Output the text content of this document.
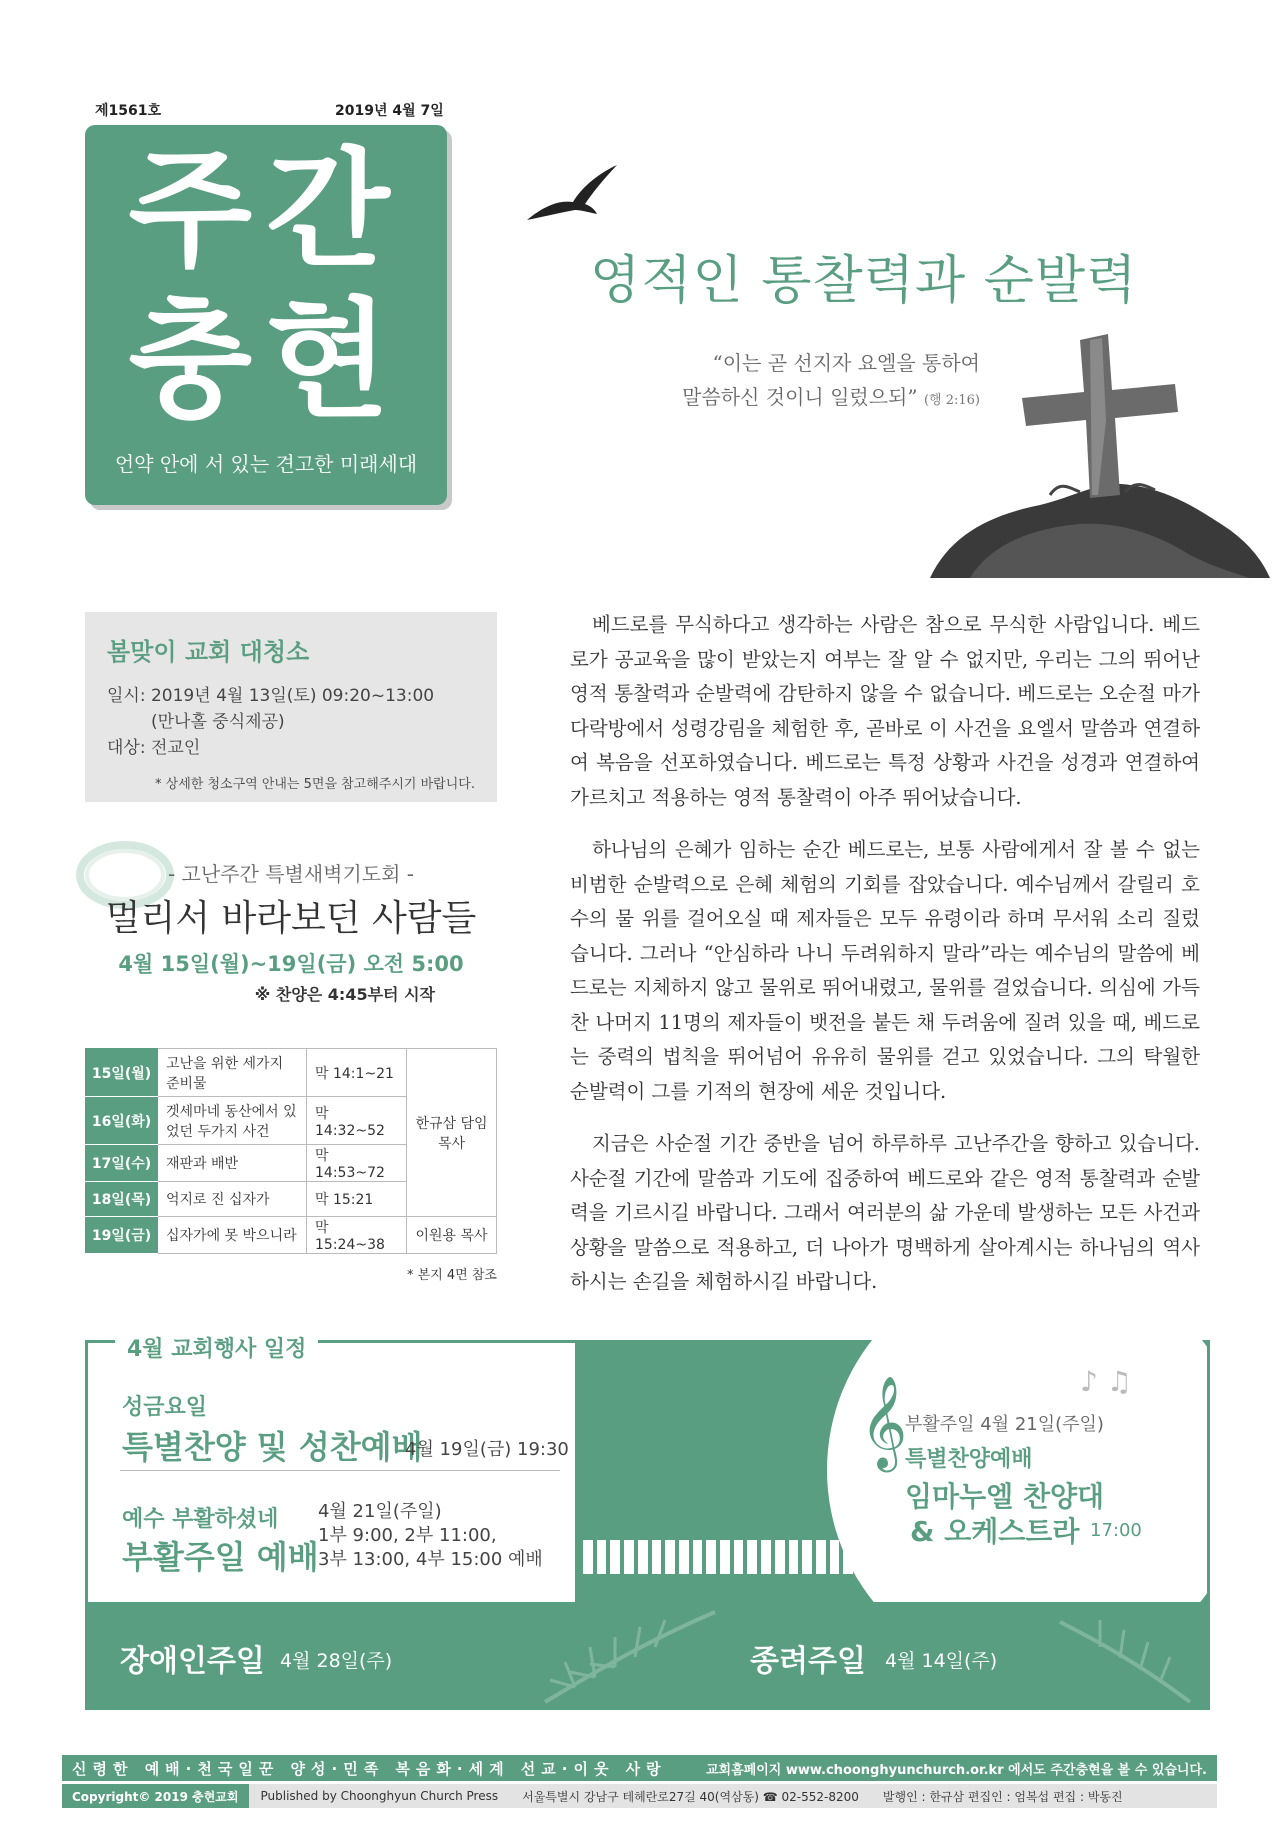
제1561호	2019년 4월 7일
주간
충현
언약 안에 서 있는 견고한 미래세대
영적인 통찰력과 순발력
“이는 곧 선지자 요엘을 통하여
말씀하신 것이니 일렀으되” (행 2:16)
봄맞이 교회 대청소
일시: 2019년 4월 13일(토) 09:20~13:00
(만나홀 중식제공)
대상: 전교인
* 상세한 청소구역 안내는 5면을 참고해주시기 바랍니다.
- 고난주간 특별새벽기도회 -
멀리서 바라보던 사람들
4월 15일(월)~19일(금) 오전 5:00
※ 찬양은 4:45부터 시작
15일(월)	고난을 위한 세가지 준비물	막 14:1~21	한규삼 담임목사
16일(화)	겟세마네 동산에서 있었던 두가지 사건	막 14:32~52	
17일(수)	재판과 배반	막 14:53~72	
18일(목)	억지로 진 십자가	막 15:21	
19일(금)	십자가에 못 박으니라	막 15:24~38	이원용 목사
* 본지 4면 참조

베드로를 무식하다고 생각하는 사람은 참으로 무식한 사람입니다. 베드로가 공교육을 많이 받았는지 여부는 잘 알 수 없지만, 우리는 그의 뛰어난 영적 통찰력과 순발력에 감탄하지 않을 수 없습니다. 베드로는 오순절 마가다락방에서 성령강림을 체험한 후, 곧바로 이 사건을 요엘서 말씀과 연결하여 복음을 선포하였습니다. 베드로는 특정 상황과 사건을 성경과 연결하여 가르치고 적용하는 영적 통찰력이 아주 뛰어났습니다.

하나님의 은혜가 임하는 순간 베드로는, 보통 사람에게서 잘 볼 수 없는 비범한 순발력으로 은혜 체험의 기회를 잡았습니다. 예수님께서 갈릴리 호수의 물 위를 걸어오실 때 제자들은 모두 유령이라 하며 무서워 소리 질렀습니다. 그러나 “안심하라 나니 두려워하지 말라”라는 예수님의 말씀에 베드로는 지체하지 않고 물위로 뛰어내렸고, 물위를 걸었습니다. 의심에 가득 찬 나머지 11명의 제자들이 뱃전을 붙든 채 두려움에 질려 있을 때, 베드로는 중력의 법칙을 뛰어넘어 유유히 물위를 걷고 있었습니다. 그의 탁월한 순발력이 그를 기적의 현장에 세운 것입니다.

지금은 사순절 기간 중반을 넘어 하루하루 고난주간을 향하고 있습니다. 사순절 기간에 말씀과 기도에 집중하여 베드로와 같은 영적 통찰력과 순발력을 기르시길 바랍니다. 그래서 여러분의 삶 가운데 발생하는 모든 사건과 상황을 말씀으로 적용하고, 더 나아가 명백하게 살아계시는 하나님의 역사하시는 손길을 체험하시길 바랍니다.

4월 교회행사 일정
성금요일
특별찬양 및 성찬예배
4월 19일(금) 19:30
예수 부활하셨네
부활주일 예배
4월 21일(주일)
1부 9:00, 2부 11:00,
3부 13:00, 4부 15:00 예배
𝄞	♪ ♫
부활주일 4월 21일(주일)
특별찬양예배
임마누엘 찬양대
& 오케스트라 17:00
장애인주일 4월 28일(주)	종려주일 4월 14일(주)
신령한 예배·천국일꾼 양성·민족 복음화·세계 선교·이웃 사랑	교회홈페이지 www.choonghyunchurch.or.kr 에서도 주간충현을 볼 수 있습니다.
Copyright© 2019 충현교회	Published by Choonghyun Church Press	서울특별시 강남구 테헤란로27길 40(역삼동) ☎ 02-552-8200	발행인 : 한규삼 편집인 : 엄복섭 편집 : 박동진
